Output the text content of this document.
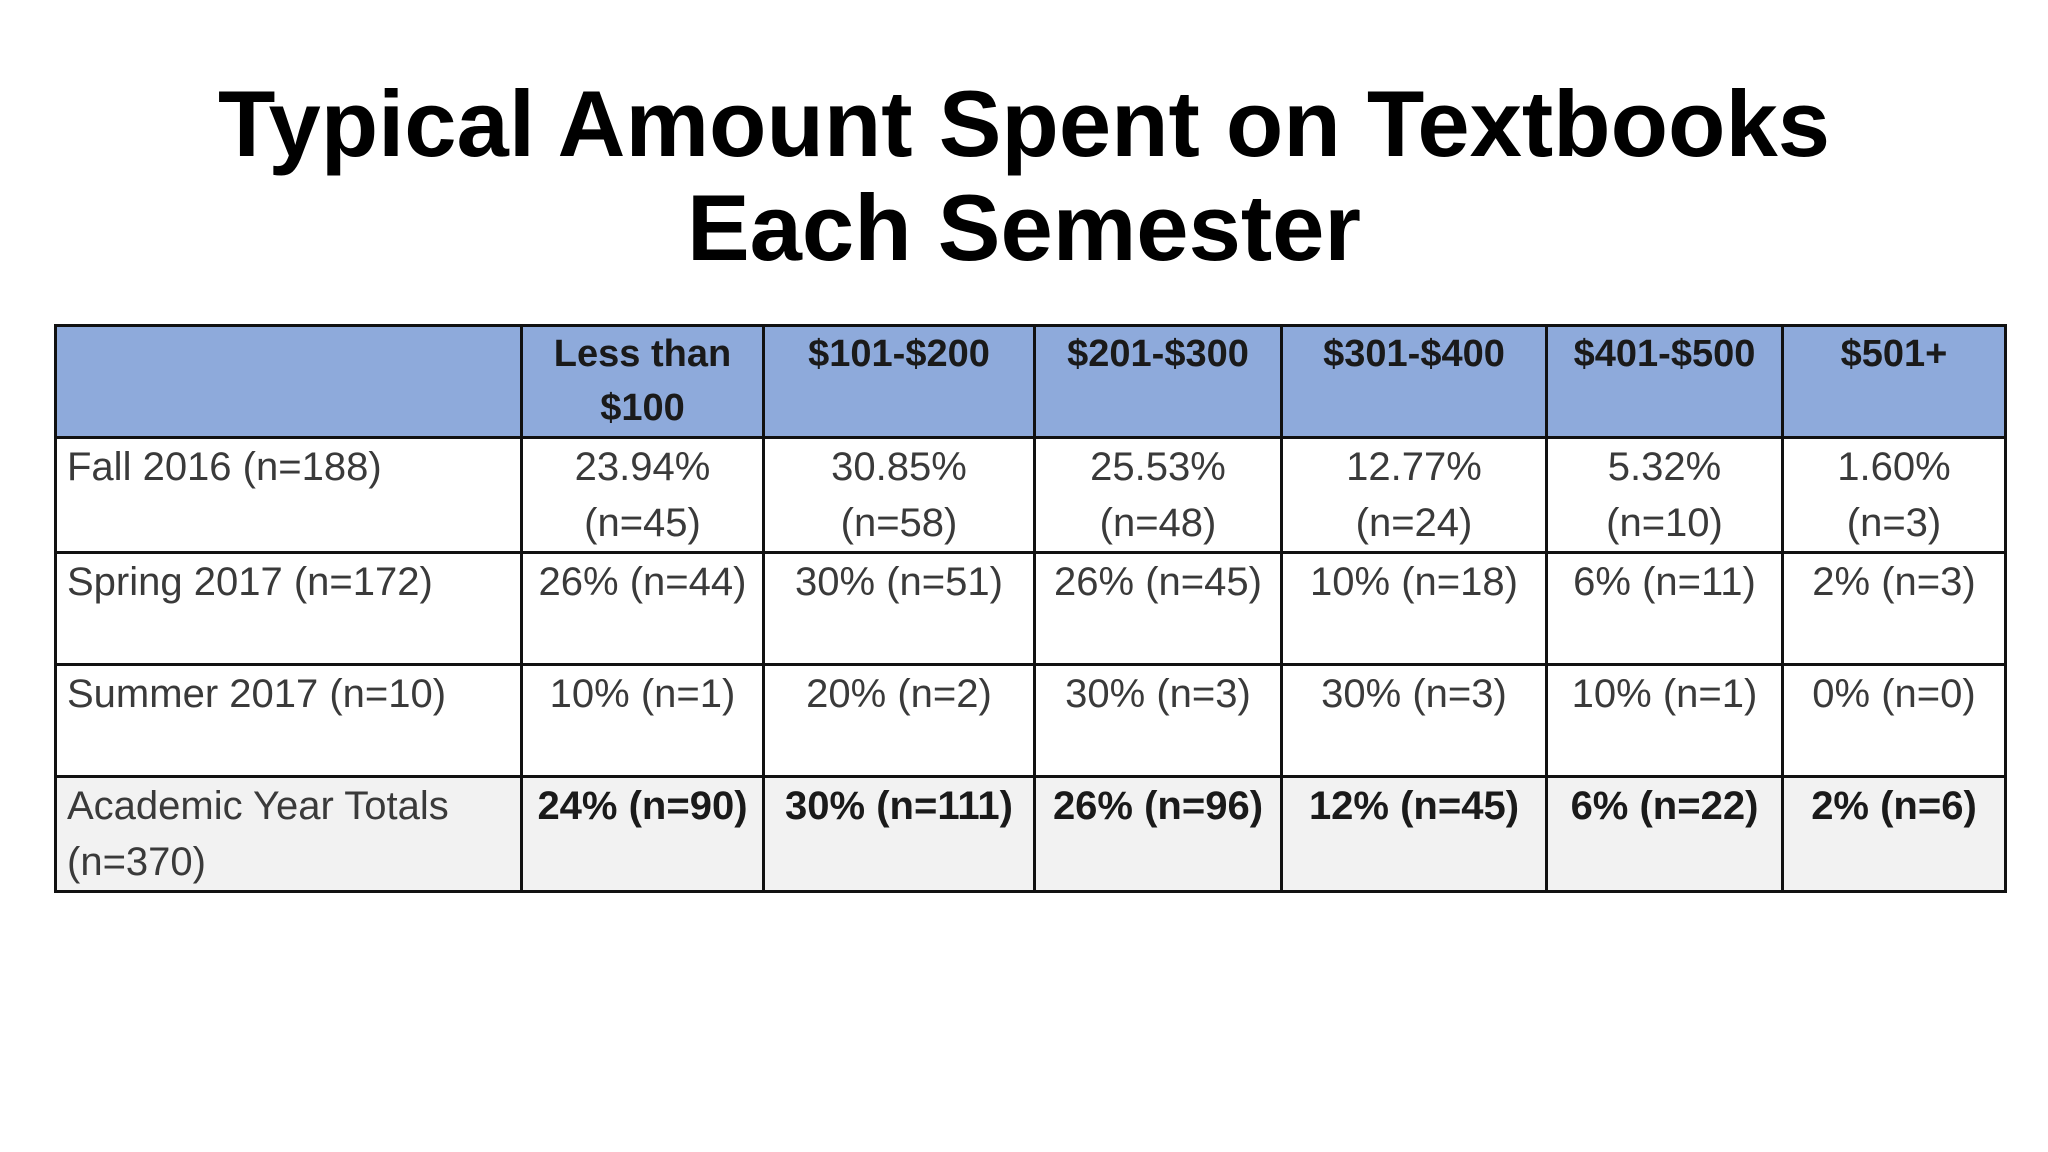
Typical Amount Spent on Textbooks
Each Semester
	Less than $100	$101-$200	$201-$300	$301-$400	$401-$500	$501+
Fall 2016 (n=188)	23.94% (n=45)	30.85% (n=58)	25.53% (n=48)	12.77% (n=24)	5.32% (n=10)	1.60% (n=3)
Spring 2017 (n=172)	26% (n=44)	30% (n=51)	26% (n=45)	10% (n=18)	6% (n=11)	2% (n=3)
Summer 2017 (n=10)	10% (n=1)	20% (n=2)	30% (n=3)	30% (n=3)	10% (n=1)	0% (n=0)
Academic Year Totals (n=370)	24% (n=90)	30% (n=111)	26% (n=96)	12% (n=45)	6% (n=22)	2% (n=6)
